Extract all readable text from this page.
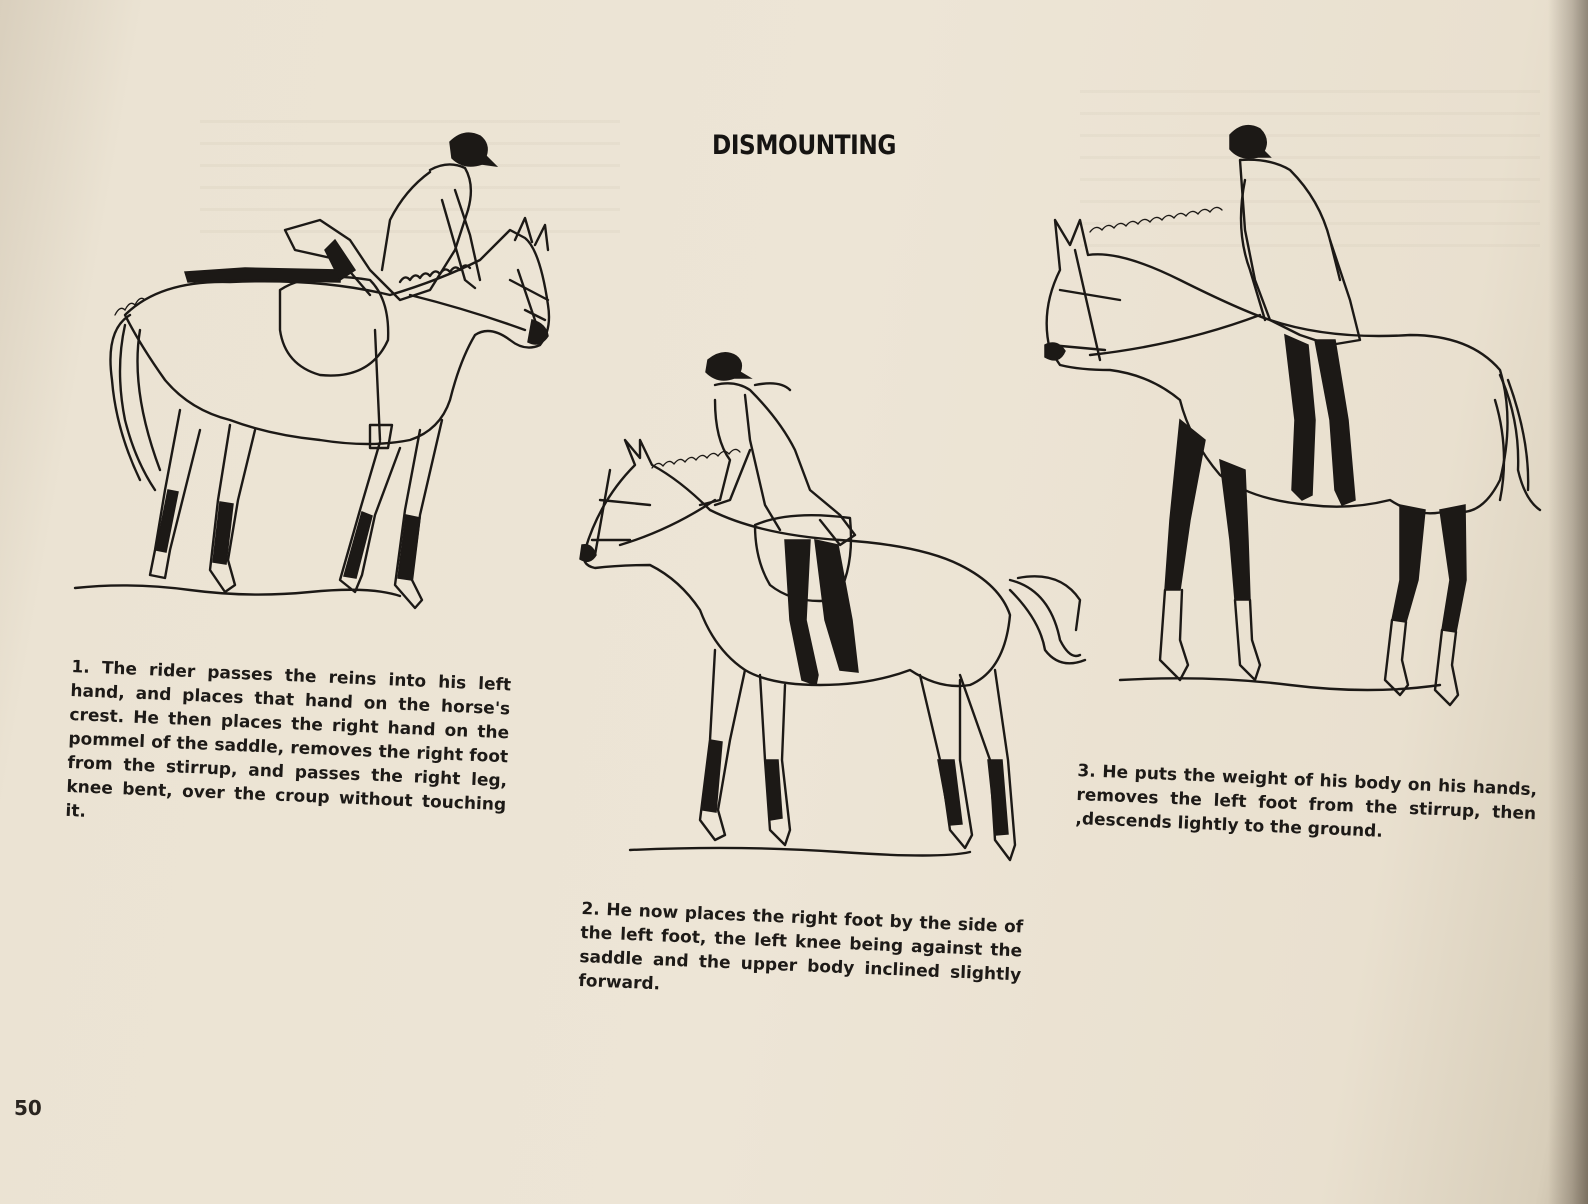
DISMOUNTING

1. The rider passes the reins into his left hand, and places that hand on the horse's crest. He then places the right hand on the pommel of the saddle, removes the right foot from the stirrup, and passes the right leg, knee bent, over the croup without touching it.

2. He now places the right foot by the side of the left foot, the left knee being against the saddle and the upper body inclined slightly forward.

3. He puts the weight of his body on his hands, removes the left foot from the stirrup, then ,descends lightly to the ground.

50
